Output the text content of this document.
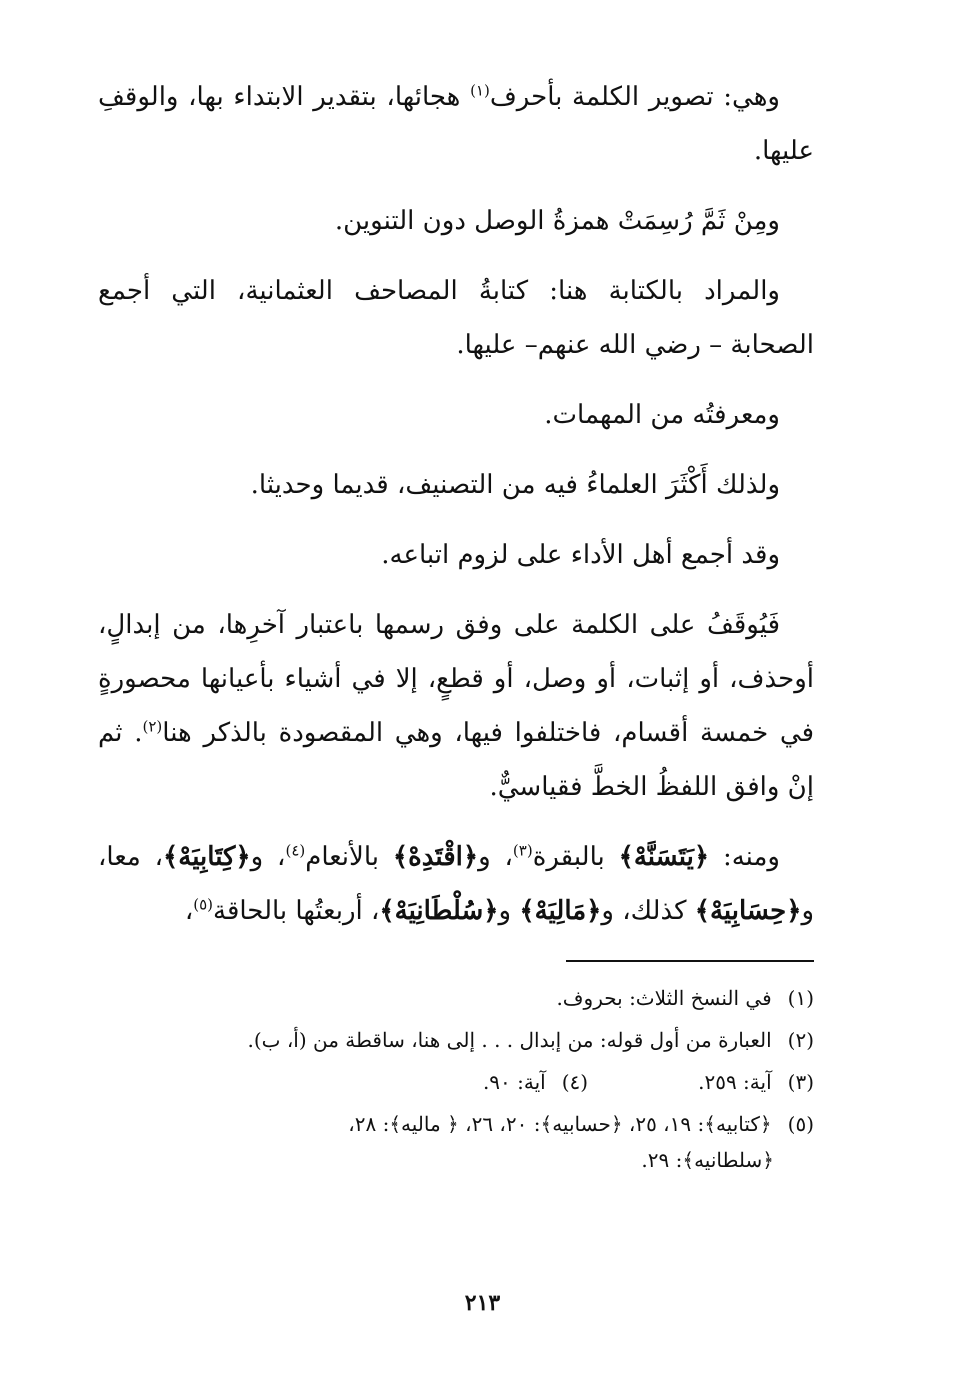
وهي: تصوير الكلمة بأحرف$^{(١)}$ هجائها، بتقدير الابتداء بها، والوقفِ عليها.

ومِنْ ثَمَّ رُسِمَتْ همزةُ الوصل دون التنوين.

والمراد بالكتابة هنا: كتابةُ المصاحف العثمانية، التي أجمع الصحابة – رضي الله عنهم– عليها.

ومعرفتُه من المهمات.

ولذلك أَكْثَرَ العلماءُ فيه من التصنيف، قديما وحديثا.

وقد أجمع أهل الأداء على لزوم اتباعه.

فَيُوقَفُ على الكلمة على وفق رسمها باعتبار آخرِها، من إبدالٍ، أوحذف، أو إثبات، أو وصل، أو قطعٍ، إلا في أشياء بأعيانها محصورةٍ في خمسة أقسام، فاختلفوا فيها، وهي المقصودة بالذكر هنا$^{(٢)}$. ثم إنْ وافق اللفظُ الخطَّ فقياسيٌّ.

ومنه: ﴿يَتَسَنَّهْ﴾ بالبقرة$^{(٣)}$، و﴿اقْتَدِهْ﴾ بالأنعام$^{(٤)}$، و﴿كِتَابِيَهْ﴾، معا، و﴿حِسَابِيَهْ﴾ كذلك، و﴿مَالِيَهْ﴾ و﴿سُلْطَانِيَهْ﴾، أربعتُها بالحاقة$^{(٥)}$،

(١) في النسخ الثلاث: بحروف.
(٢) العبارة من أول قوله: من إبدال . . . إلى هنا، ساقطة من (أ، ب).
(٣) آية: ٢٥٩.
(٤) آية: ٩٠.
(٥) ﴿كتابيه﴾: ١٩، ٢٥، ﴿حسابيه﴾: ٢٠، ٢٦، ﴿ ماليه﴾: ٢٨،
﴿سلطانيه﴾: ٢٩.
٢١٣
